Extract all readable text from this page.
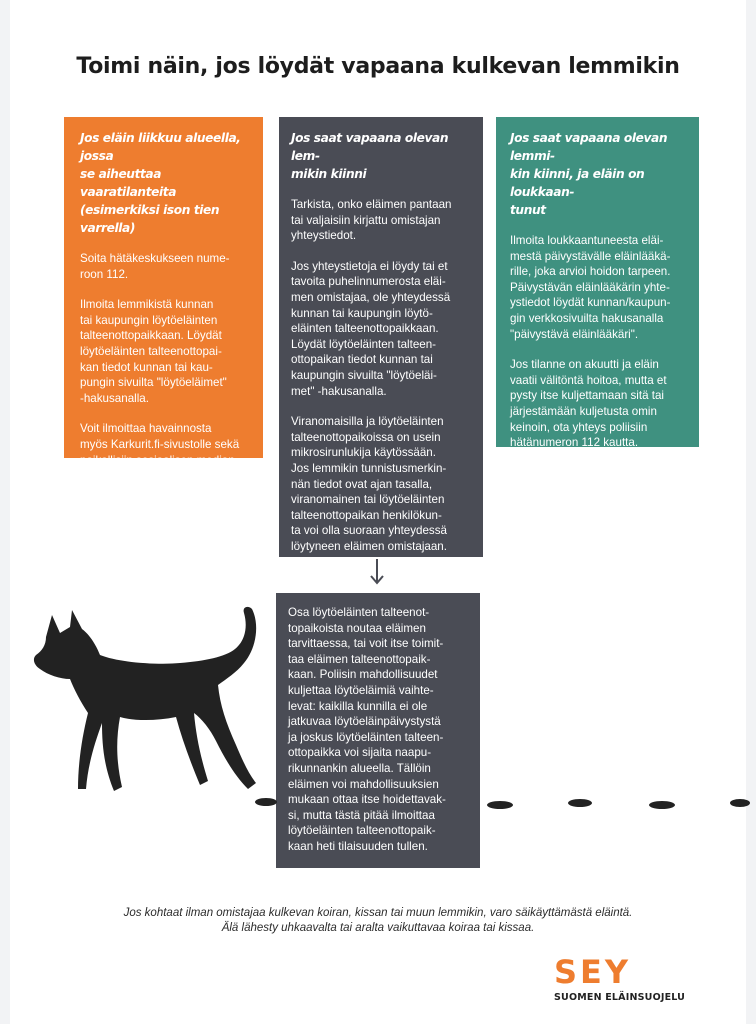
Toimi näin, jos löydät vapaana kulkevan lemmikin
Jos eläin liikkuu alueella, jossa
se aiheuttaa vaaratilanteita
(esimerkiksi ison tien varrella)

Soita hätäkeskukseen nume-
roon 112.

Ilmoita lemmikistä kunnan
tai kaupungin löytöeläinten
talteenottopaikkaan. Löydät
löytöeläinten talteenottopai-
kan tiedot kunnan tai kau-
pungin sivuilta "löytöeläimet"
-hakusanalla.

Voit ilmoittaa havainnosta
myös Karkurit.fi-sivustolle sekä
paikallisiin sosiaalisen median
ryhmiin, kuten paikalliseen
Facebook-ryhmään.

Jos saat vapaana olevan lem-
mikin kiinni

Tarkista, onko eläimen pantaan
tai valjaisiin kirjattu omistajan
yhteystiedot.

Jos yhteystietoja ei löydy tai et
tavoita puhelinnumerosta eläi-
men omistajaa, ole yhteydessä
kunnan tai kaupungin löytö-
eläinten talteenottopaikkaan.
Löydät löytöeläinten talteen-
ottopaikan tiedot kunnan tai
kaupungin sivuilta "löytöeläi-
met" -hakusanalla.

Viranomaisilla ja löytöeläinten
talteenottopaikoissa on usein
mikrosirunlukija käytössään.
Jos lemmikin tunnistusmerkin-
nän tiedot ovat ajan tasalla,
viranomainen tai löytöeläinten
talteenottopaikan henkilökun-
ta voi olla suoraan yhteydessä
löytyneen eläimen omistajaan.

Jos saat vapaana olevan lemmi-
kin kiinni, ja eläin on loukkaan-
tunut

Ilmoita loukkaantuneesta eläi-
mestä päivystävälle eläinlääkä-
rille, joka arvioi hoidon tarpeen.
Päivystävän eläinlääkärin yhte-
ystiedot löydät kunnan/kaupun-
gin verkkosivuilta hakusanalla
"päivystävä eläinlääkäri".

Jos tilanne on akuutti ja eläin
vaatii välitöntä hoitoa, mutta et
pysty itse kuljettamaan sitä tai
järjestämään kuljetusta omin
keinoin, ota yhteys poliisiin
hätänumeron 112 kautta.

Osa löytöeläinten talteenot-
topaikoista noutaa eläimen
tarvittaessa, tai voit itse toimit-
taa eläimen talteenottopaik-
kaan. Poliisin mahdollisuudet
kuljettaa löytöeläimiä vaihte-
levat: kaikilla kunnilla ei ole
jatkuvaa löytöeläinpäivystystä
ja joskus löytöeläinten talteen-
ottopaikka voi sijaita naapu-
rikunnankin alueella. Tällöin
eläimen voi mahdollisuuksien
mukaan ottaa itse hoidettavak-
si, mutta tästä pitää ilmoittaa
löytöeläinten talteenottopaik-
kaan heti tilaisuuden tullen.

Jos kohtaat ilman omistajaa kulkevan koiran, kissan tai muun lemmikin, varo säikäyttämästä eläintä.
Älä lähesty uhkaavalta tai aralta vaikuttavaa koiraa tai kissaa.
SEY
SUOMEN ELÄINSUOJELU
